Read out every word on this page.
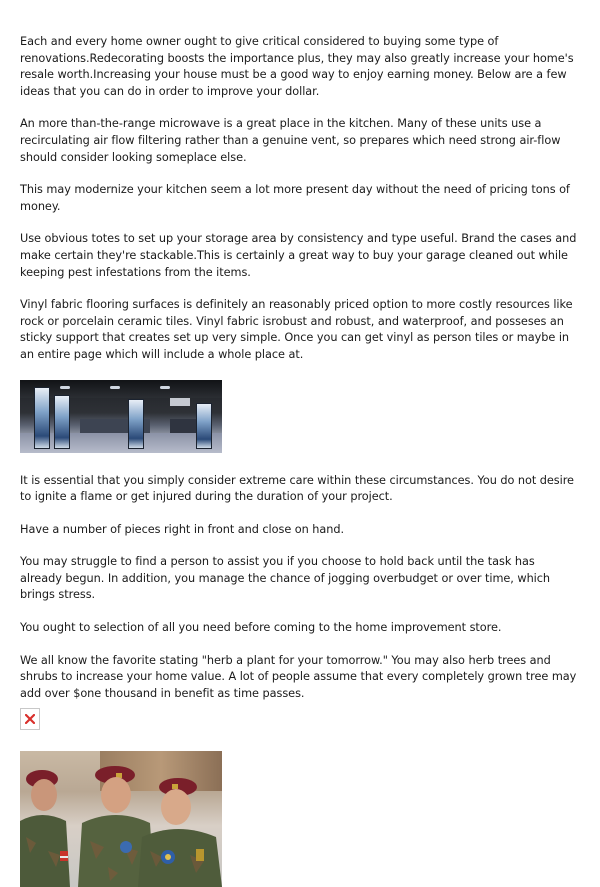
Each and every home owner ought to give critical considered to buying some type of renovations.Redecorating boosts the importance plus, they may also greatly increase your home's resale worth.Increasing your house must be a good way to enjoy earning money. Below are a few ideas that you can do in order to improve your dollar.

An more than-the-range microwave is a great place in the kitchen. Many of these units use a recirculating air flow filtering rather than a genuine vent, so prepares which need strong air-flow should consider looking someplace else.

This may modernize your kitchen seem a lot more present day without the need of pricing tons of money.

Use obvious totes to set up your storage area by consistency and type useful. Brand the cases and make certain they're stackable.This is certainly a great way to buy your garage cleaned out while keeping pest infestations from the items.

Vinyl fabric flooring surfaces is definitely an reasonably priced option to more costly resources like rock or porcelain ceramic tiles. Vinyl fabric isrobust and robust, and waterproof, and posseses an sticky support that creates set up very simple. Once you can get vinyl as person tiles or maybe in an entire page which will include a whole place at.

It is essential that you simply consider extreme care within these circumstances. You do not desire to ignite a flame or get injured during the duration of your project.

Have a number of pieces right in front and close on hand.

You may struggle to find a person to assist you if you choose to hold back until the task has already begun. In addition, you manage the chance of jogging overbudget or over time, which brings stress.

You ought to selection of all you need before coming to the home improvement store.

We all know the favorite stating "herb a plant for your tomorrow." You may also herb trees and shrubs to increase your home value. A lot of people assume that every completely grown tree may add over $one thousand in benefit as time passes.
